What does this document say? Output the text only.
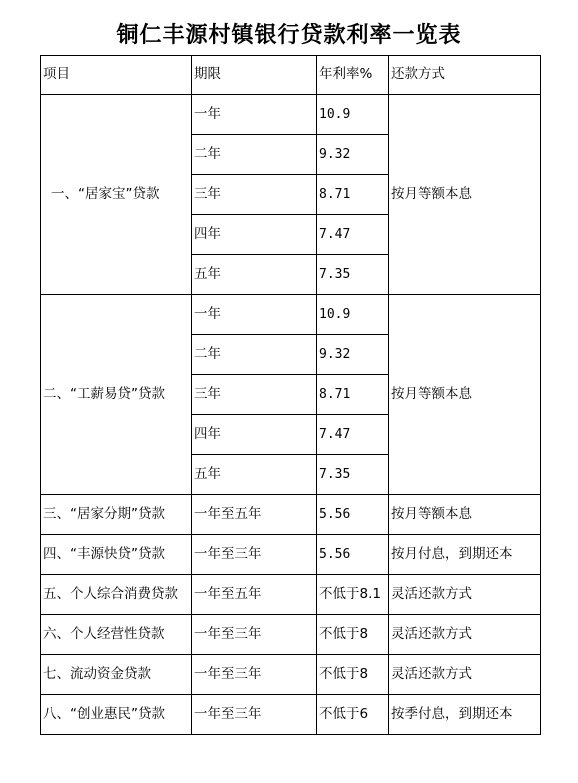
铜仁丰源村镇银行贷款利率一览表
项目	期限	年利率%	还款方式
一、“居家宝”贷款	一年	10.9	按月等额本息
	二年	9.32	
	三年	8.71	
	四年	7.47	
	五年	7.35	
二、“工薪易贷”贷款	一年	10.9	按月等额本息
	二年	9.32	
	三年	8.71	
	四年	7.47	
	五年	7.35	
三、“居家分期”贷款	一年至五年	5.56	按月等额本息
四、“丰源快贷”贷款	一年至三年	5.56	按月付息，到期还本
五、个人综合消费贷款	一年至五年	不低于8.1	灵活还款方式
六、个人经营性贷款	一年至三年	不低于8	灵活还款方式
七、流动资金贷款	一年至三年	不低于8	灵活还款方式
八、“创业惠民”贷款	一年至三年	不低于6	按季付息，到期还本
